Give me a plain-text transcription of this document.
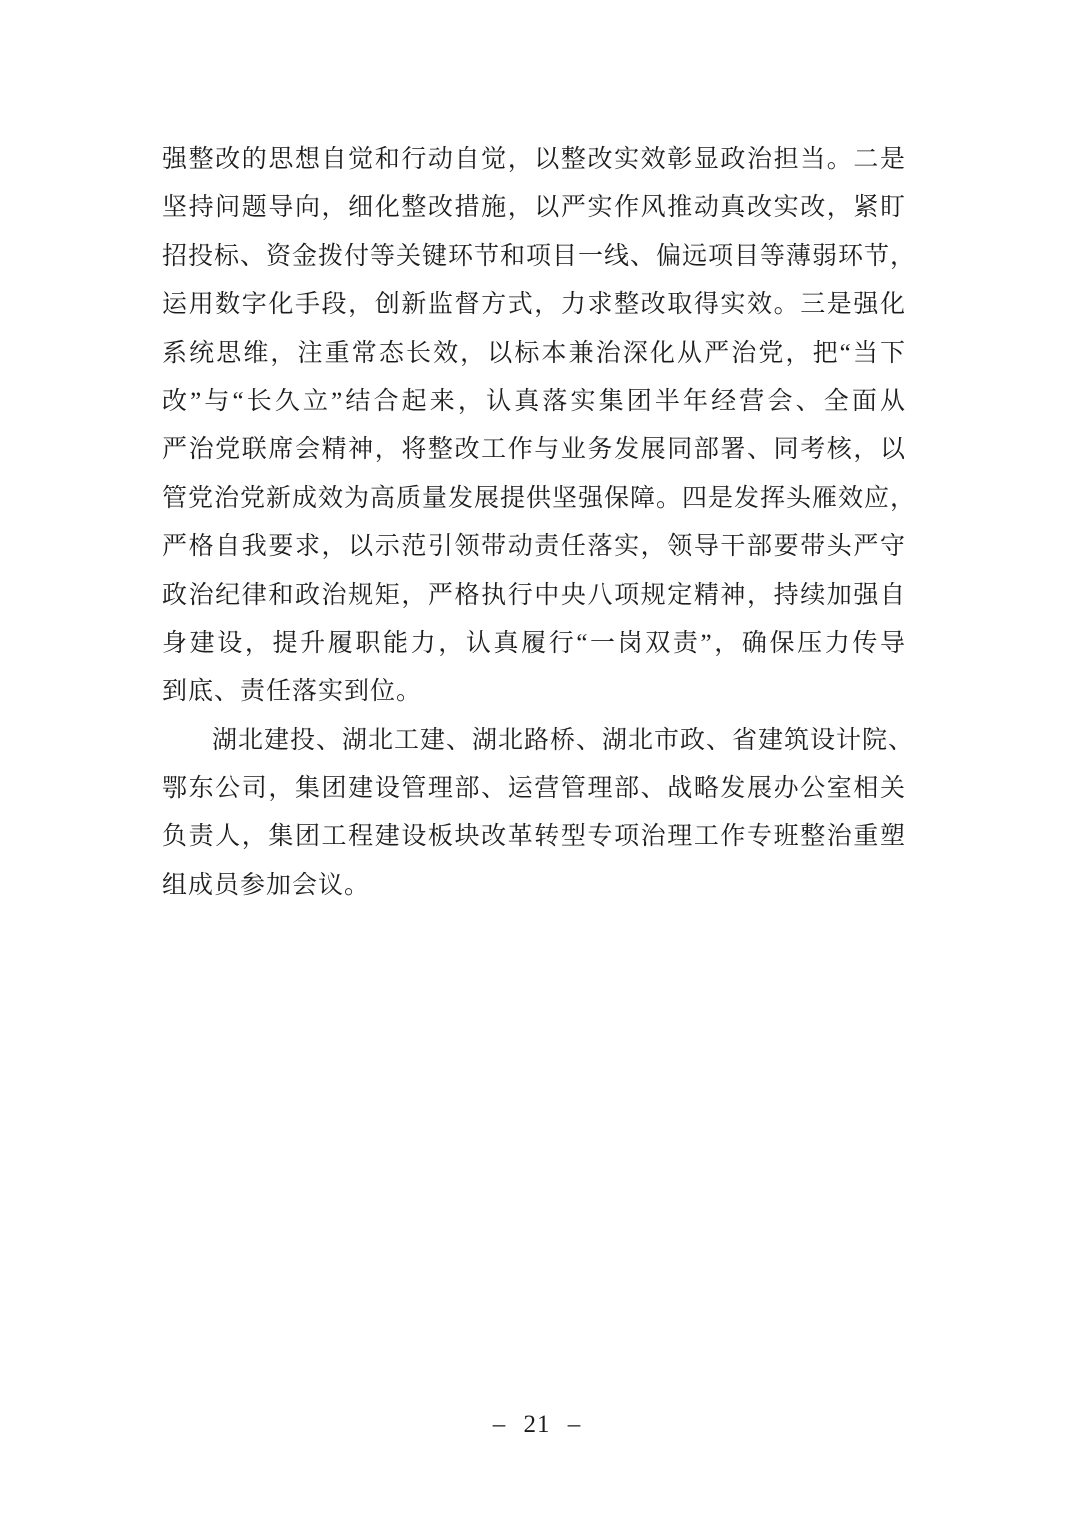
强整改的思想自觉和行动自觉，以整改实效彰显政治担当。二是
坚持问题导向，细化整改措施，以严实作风推动真改实改，紧盯
招投标、资金拨付等关键环节和项目一线、偏远项目等薄弱环节，
运用数字化手段，创新监督方式，力求整改取得实效。三是强化
系统思维，注重常态长效，以标本兼治深化从严治党，把“当下
改”与“长久立”结合起来，认真落实集团半年经营会、全面从
严治党联席会精神，将整改工作与业务发展同部署、同考核，以
管党治党新成效为高质量发展提供坚强保障。四是发挥头雁效应，
严格自我要求，以示范引领带动责任落实，领导干部要带头严守
政治纪律和政治规矩，严格执行中央八项规定精神，持续加强自
身建设，提升履职能力，认真履行“一岗双责”，确保压力传导
到底、责任落实到位。
湖北建投、湖北工建、湖北路桥、湖北市政、省建筑设计院、
鄂东公司，集团建设管理部、运营管理部、战略发展办公室相关
负责人，集团工程建设板块改革转型专项治理工作专班整治重塑
组成员参加会议。
– 21 –
